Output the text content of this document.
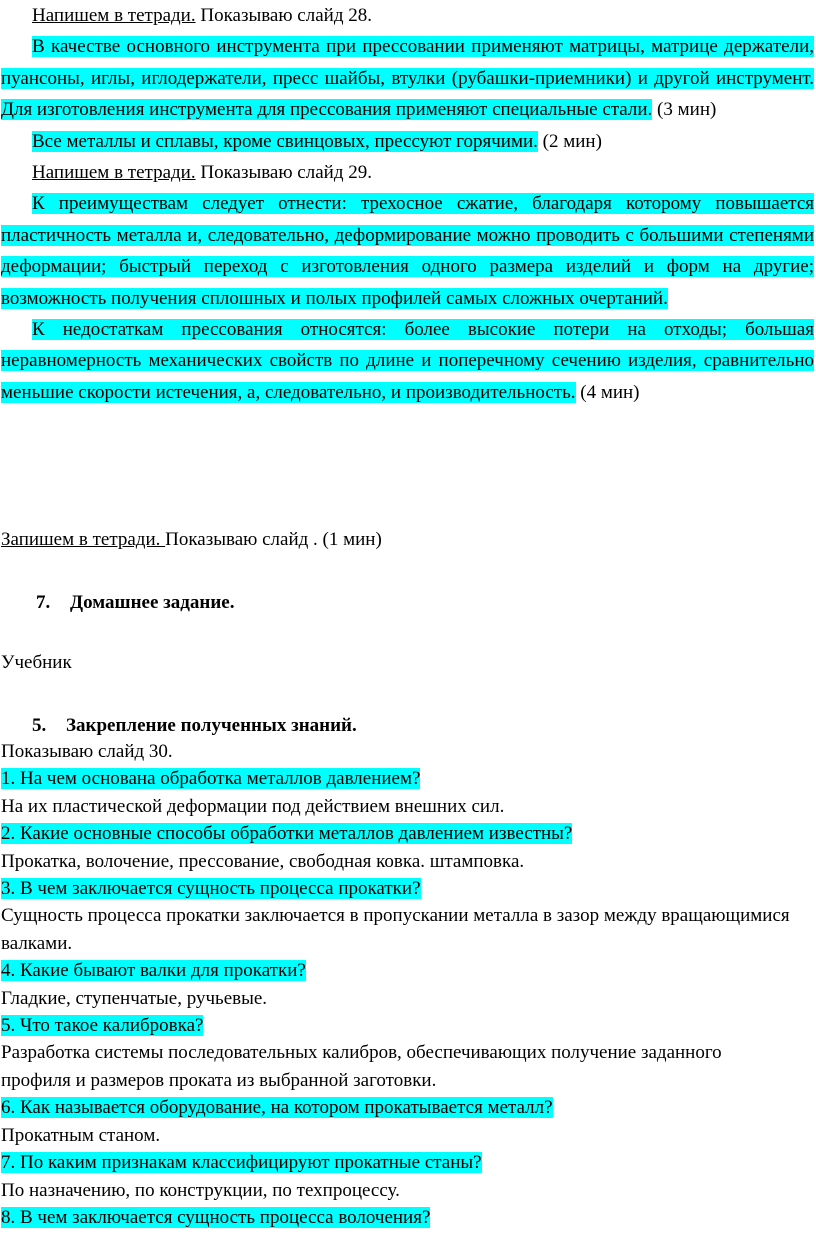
Напишем в тетради. Показываю слайд 28.

В качестве основного инструмента при прессовании применяют матрицы, матрице держатели, пуансоны, иглы, иглодержатели, пресс шайбы, втулки (рубашки-приемники) и другой инструмент. Для изготовления инструмента для прессования применяют специальные стали. (3 мин)

Все металлы и сплавы, кроме свинцовых, прессуют горячими. (2 мин)

Напишем в тетради. Показываю слайд 29.

К преимуществам следует отнести: трехосное сжатие, благодаря которому повышается пластичность металла и, следовательно, деформирование можно проводить с большими степенями деформации; быстрый переход с изготовления одного размера изделий и форм на другие; возможность получения сплошных и полых профилей самых сложных очертаний.

К недостаткам прессования относятся: более высокие потери на отходы; большая неравномерность механических свойств по длине и поперечному сечению изделия, сравнительно меньшие скорости истечения, а, следовательно, и производительность. (4 мин)

Запишем в тетради. Показываю слайд . (1 мин)

7. Домашнее задание.

Учебник

5. Закрепление полученных знаний.

Показываю слайд 30.
1. На чем основана обработка металлов давлением?
На их пластической деформации под действием внешних сил.
2. Какие основные способы обработки металлов давлением известны?
Прокатка, волочение, прессование, свободная ковка. штамповка.
3. В чем заключается сущность процесса прокатки?
Сущность процесса прокатки заключается в пропускании металла в зазор между вращающимися валками.
4. Какие бывают валки для прокатки?
Гладкие, ступенчатые, ручьевые.
5. Что такое калибровка?
Разработка системы последовательных калибров, обеспечивающих получение заданного профиля и размеров проката из выбранной заготовки.
6. Как называется оборудование, на котором прокатывается металл?
Прокатным станом.
7. По каким признакам классифицируют прокатные станы?
По назначению, по конструкции, по техпроцессу.
8. В чем заключается сущность процесса волочения?
